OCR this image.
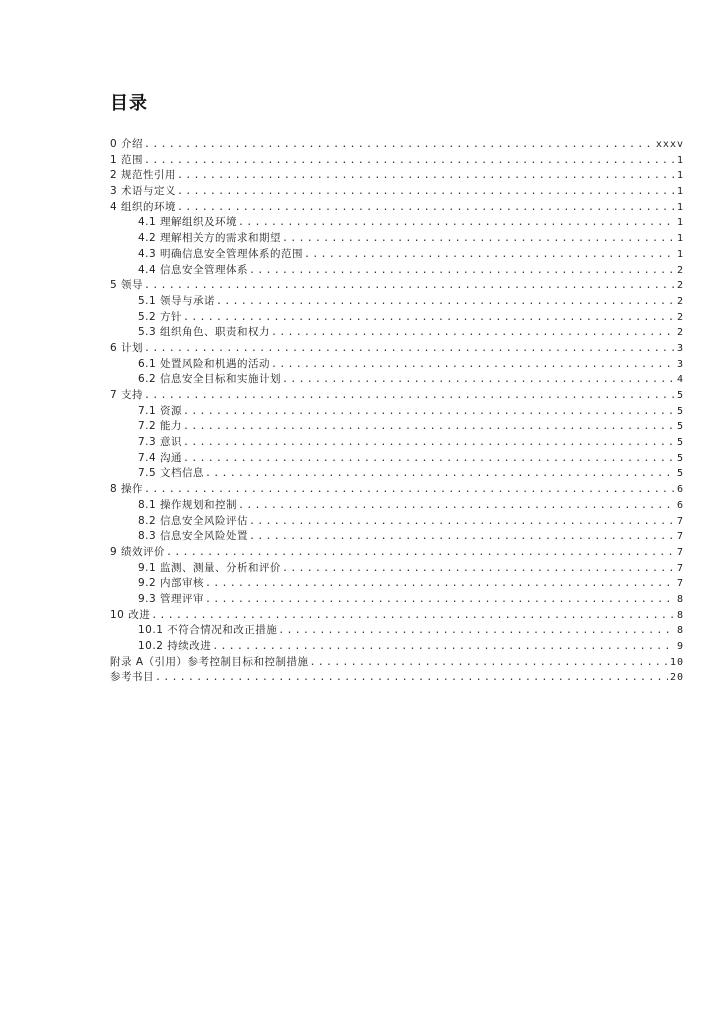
目录
0 介绍 .....	xxxv
1 范围 .....	1
2 规范性引用 .....	1
3 术语与定义 .....	1
4 组织的环境 .....	1
4.1 理解组织及环境 .....	1
4.2 理解相关方的需求和期望 .....	1
4.3 明确信息安全管理体系的范围 .....	1
4.4 信息安全管理体系 .....	2
5 领导 .....	2
5.1 领导与承诺 .....	2
5.2 方针 .....	2
5.3 组织角色、职责和权力 .....	2
6 计划 .....	3
6.1 处置风险和机遇的活动 .....	3
6.2 信息安全目标和实施计划 .....	4
7 支持 .....	5
7.1 资源 .....	5
7.2 能力 .....	5
7.3 意识 .....	5
7.4 沟通 .....	5
7.5 文档信息 .....	5
8 操作 .....	6
8.1 操作规划和控制 .....	6
8.2 信息安全风险评估 .....	7
8.3 信息安全风险处置 .....	7
9 绩效评价 .....	7
9.1 监测、测量、分析和评价 .....	7
9.2 内部审核 .....	7
9.3 管理评审 .....	8
10 改进 .....	8
10.1 不符合情况和改正措施 .....	8
10.2 持续改进 .....	9
附录 A（引用）参考控制目标和控制措施 .....	10
参考书目 .....	20
